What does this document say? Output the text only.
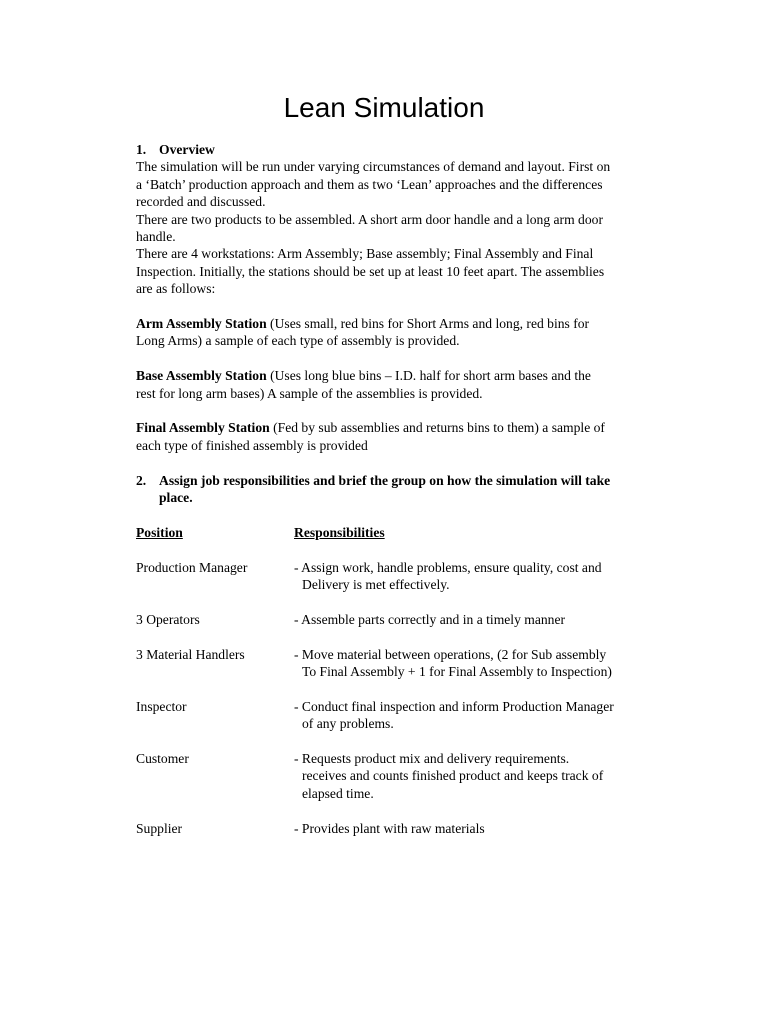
Lean Simulation
1. Overview
The simulation will be run under varying circumstances of demand and layout. First on
a ‘Batch’ production approach and them as two ‘Lean’ approaches and the differences
recorded and discussed.
There are two products to be assembled. A short arm door handle and a long arm door
handle.
There are 4 workstations: Arm Assembly; Base assembly; Final Assembly and Final
Inspection. Initially, the stations should be set up at least 10 feet apart. The assemblies
are as follows:
Arm Assembly Station (Uses small, red bins for Short Arms and long, red bins for
Long Arms) a sample of each type of assembly is provided.
Base Assembly Station (Uses long blue bins – I.D. half for short arm bases and the
rest for long arm bases) A sample of the assemblies is provided.
Final Assembly Station (Fed by sub assemblies and returns bins to them) a sample of
each type of finished assembly is provided
2. Assign job responsibilities and brief the group on how the simulation will take
place.
Position	Responsibilities
Production Manager	- Assign work, handle problems, ensure quality, cost and
Delivery is met effectively.
3 Operators	- Assemble parts correctly and in a timely manner
3 Material Handlers	- Move material between operations, (2 for Sub assembly
To Final Assembly + 1 for Final Assembly to Inspection)
Inspector	- Conduct final inspection and inform Production Manager
of any problems.
Customer	- Requests product mix and delivery requirements.
receives and counts finished product and keeps track of
elapsed time.
Supplier	- Provides plant with raw materials
